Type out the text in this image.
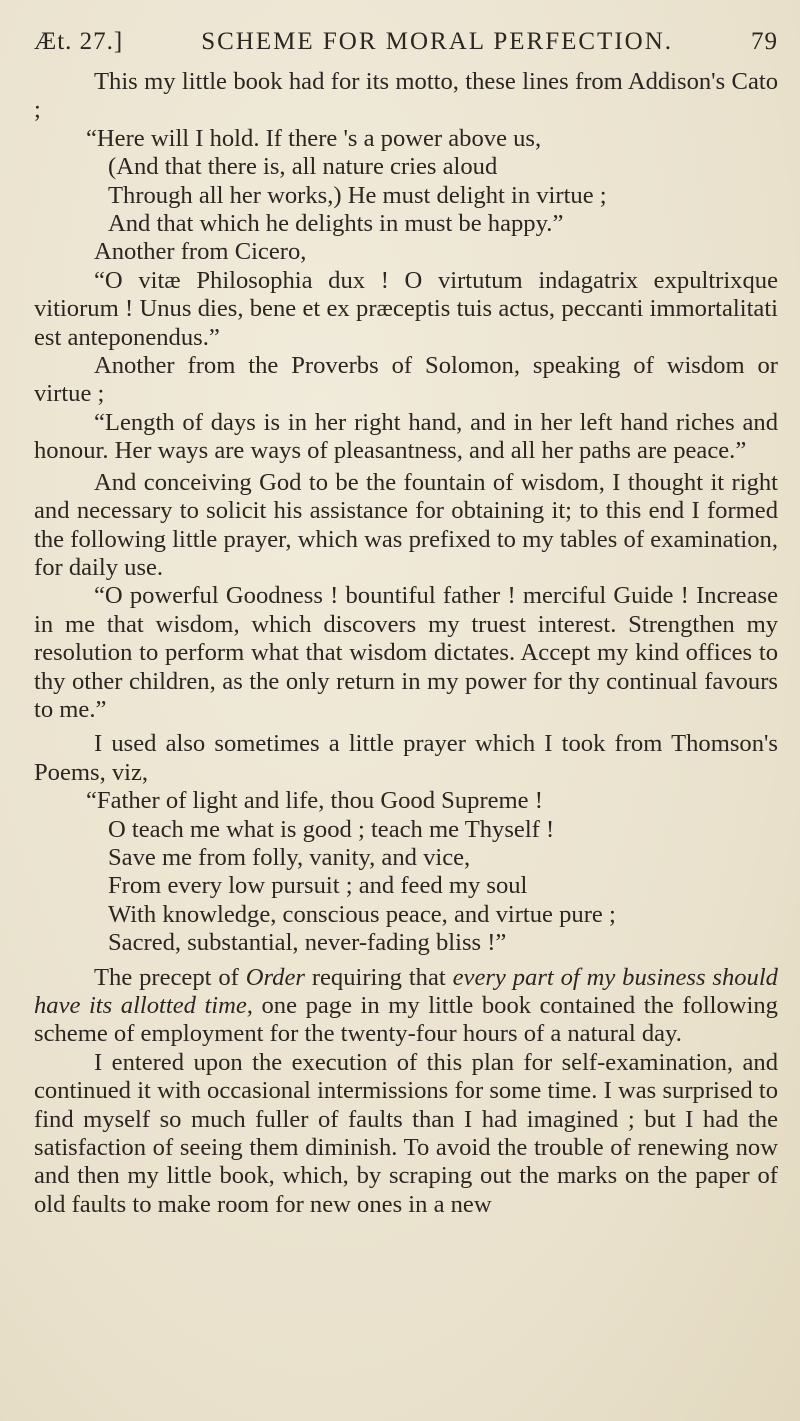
Æt. 27.]	SCHEME FOR MORAL PERFECTION.	79

This my little book had for its motto, these lines from Addison's Cato ;

“Here will I hold. If there 's a power above us,
(And that there is, all nature cries aloud
Through all her works,) He must delight in virtue ;
And that which he delights in must be happy.”

Another from Cicero,

“O vitæ Philosophia dux ! O virtutum indagatrix expultrixque vitiorum ! Unus dies, bene et ex præceptis tuis actus, peccanti immortalitati est anteponendus.”

Another from the Proverbs of Solomon, speaking of wisdom or virtue ;

“Length of days is in her right hand, and in her left hand riches and honour. Her ways are ways of pleasantness, and all her paths are peace.”

And conceiving God to be the fountain of wisdom, I thought it right and necessary to solicit his assistance for obtaining it; to this end I formed the following little prayer, which was prefixed to my tables of examination, for daily use.

“O powerful Goodness ! bountiful father ! merciful Guide ! Increase in me that wisdom, which discovers my truest interest. Strengthen my resolution to perform what that wisdom dictates. Accept my kind offices to thy other children, as the only return in my power for thy continual favours to me.”

I used also sometimes a little prayer which I took from Thomson's Poems, viz,

“Father of light and life, thou Good Supreme !
O teach me what is good ; teach me Thyself !
Save me from folly, vanity, and vice,
From every low pursuit ; and feed my soul
With knowledge, conscious peace, and virtue pure ;
Sacred, substantial, never-fading bliss !”

The precept of Order requiring that every part of my business should have its allotted time, one page in my little book contained the following scheme of employment for the twenty-four hours of a natural day.

I entered upon the execution of this plan for self-examination, and continued it with occasional intermissions for some time. I was surprised to find myself so much fuller of faults than I had imagined ; but I had the satisfaction of seeing them diminish. To avoid the trouble of renewing now and then my little book, which, by scraping out the marks on the paper of old faults to make room for new ones in a new
